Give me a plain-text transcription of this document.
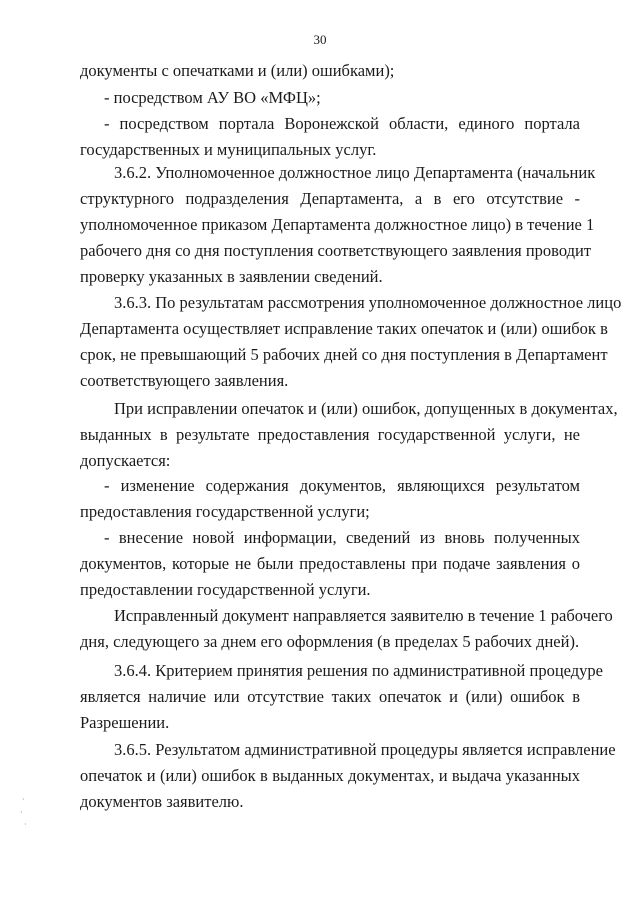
30
документы с опечатками и (или) ошибками);
- посредством АУ ВО «МФЦ»;
- посредством портала Воронежской области, единого портала
государственных и муниципальных услуг.
3.6.2. Уполномоченное должностное лицо Департамента (начальник
структурного подразделения Департамента, а в его отсутствие -
уполномоченное приказом Департамента должностное лицо) в течение 1
рабочего дня со дня поступления соответствующего заявления проводит
проверку указанных в заявлении сведений.
3.6.3. По результатам рассмотрения уполномоченное должностное лицо
Департамента осуществляет исправление таких опечаток и (или) ошибок в
срок, не превышающий 5 рабочих дней со дня поступления в Департамент
соответствующего заявления.
При исправлении опечаток и (или) ошибок, допущенных в документах,
выданных в результате предоставления государственной услуги, не
допускается:
- изменение содержания документов, являющихся результатом
предоставления государственной услуги;
- внесение новой информации, сведений из вновь полученных
документов, которые не были предоставлены при подаче заявления о
предоставлении государственной услуги.
Исправленный документ направляется заявителю в течение 1 рабочего
дня, следующего за днем его оформления (в пределах 5 рабочих дней).
3.6.4. Критерием принятия решения по административной процедуре
является наличие или отсутствие таких опечаток и (или) ошибок в
Разрешении.
3.6.5. Результатом административной процедуры является исправление
опечаток и (или) ошибок в выданных документах, и выдача указанных
документов заявителю.
·
·
·
